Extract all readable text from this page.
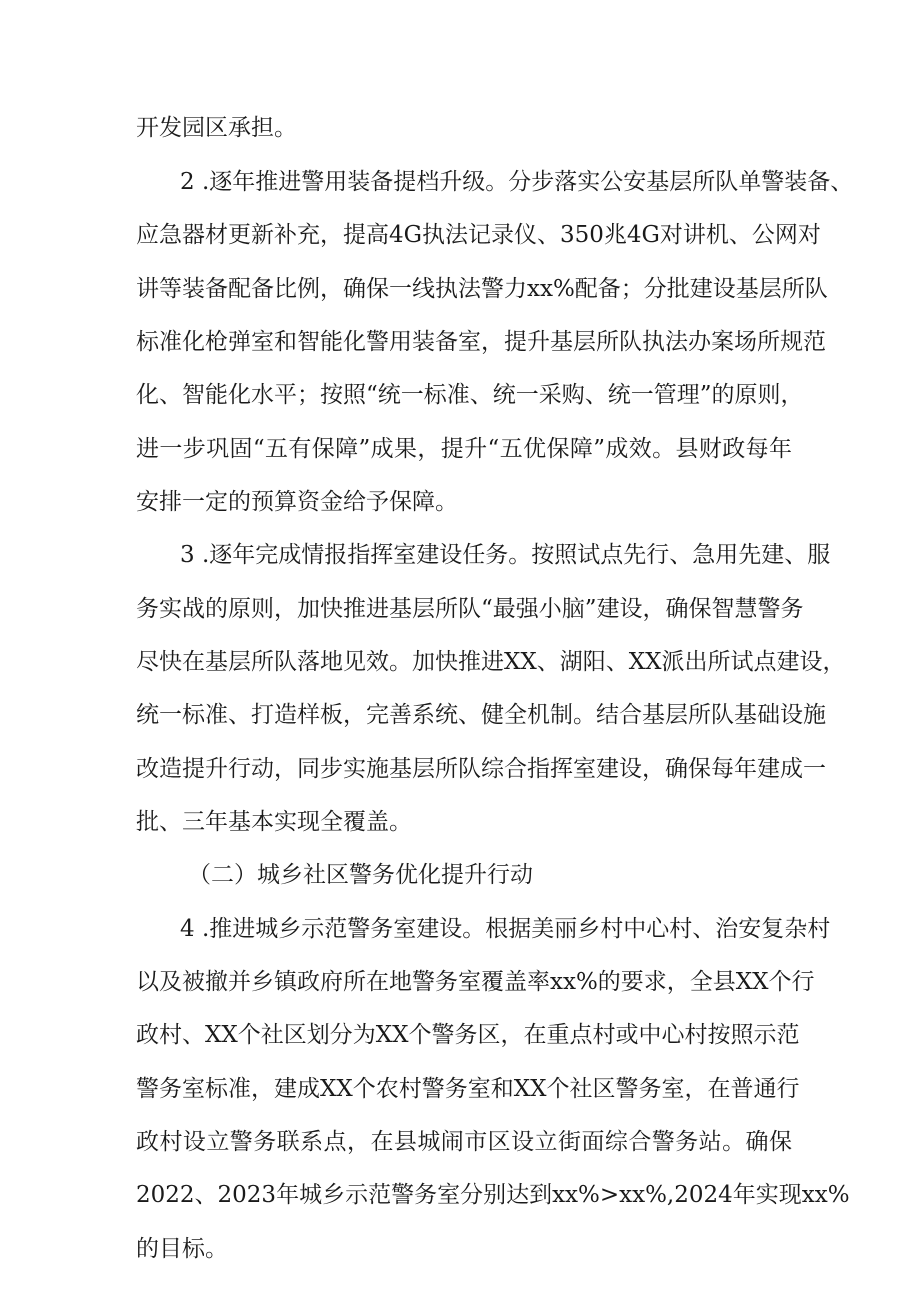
开发园区承担。
2 .逐年推进警用装备提档升级。分步落实公安基层所队单警装备、
应急器材更新补充，提高4G执法记录仪、350兆4G对讲机、公网对
讲等装备配备比例，确保一线执法警力xx%配备；分批建设基层所队
标准化枪弹室和智能化警用装备室，提升基层所队执法办案场所规范
化、智能化水平；按照“统一标准、统一采购、统一管理”的原则，
进一步巩固“五有保障”成果，提升“五优保障”成效。县财政每年
安排一定的预算资金给予保障。
3 .逐年完成情报指挥室建设任务。按照试点先行、急用先建、服
务实战的原则，加快推进基层所队“最强小脑”建设，确保智慧警务
尽快在基层所队落地见效。加快推进XX、湖阳、XX派出所试点建设，
统一标准、打造样板，完善系统、健全机制。结合基层所队基础设施
改造提升行动，同步实施基层所队综合指挥室建设，确保每年建成一
批、三年基本实现全覆盖。
（二）城乡社区警务优化提升行动
4 .推进城乡示范警务室建设。根据美丽乡村中心村、治安复杂村
以及被撤并乡镇政府所在地警务室覆盖率xx%的要求，全县XX个行
政村、XX个社区划分为XX个警务区，在重点村或中心村按照示范
警务室标准，建成XX个农村警务室和XX个社区警务室，在普通行
政村设立警务联系点，在县城闹市区设立街面综合警务站。确保
2022、2023年城乡示范警务室分别达到xx%>xx%,2024年实现xx%
的目标。
